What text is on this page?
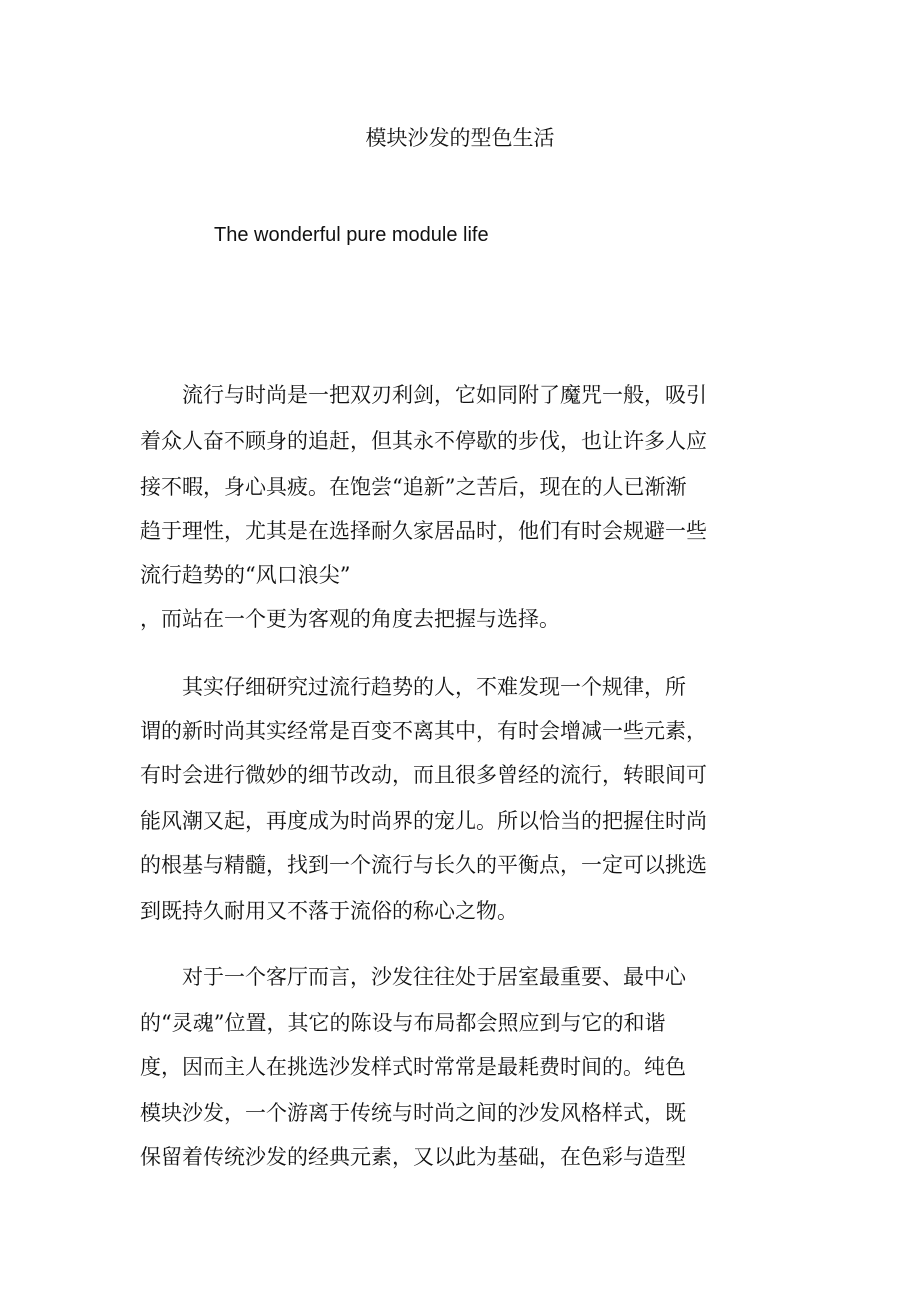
模块沙发的型色生活
The wonderful pure module life
　　流行与时尚是一把双刃利剑，它如同附了魔咒一般，吸引
着众人奋不顾身的追赶，但其永不停歇的步伐，也让许多人应
接不暇，身心具疲。在饱尝“追新”之苦后，现在的人已渐渐
趋于理性，尤其是在选择耐久家居品时，他们有时会规避一些
流行趋势的“风口浪尖”
，而站在一个更为客观的角度去把握与选择。
　　其实仔细研究过流行趋势的人，不难发现一个规律，所
谓的新时尚其实经常是百变不离其中，有时会增减一些元素，
有时会进行微妙的细节改动，而且很多曾经的流行，转眼间可
能风潮又起，再度成为时尚界的宠儿。所以恰当的把握住时尚
的根基与精髓，找到一个流行与长久的平衡点，一定可以挑选
到既持久耐用又不落于流俗的称心之物。
　　对于一个客厅而言，沙发往往处于居室最重要、最中心
的“灵魂”位置，其它的陈设与布局都会照应到与它的和谐
度，因而主人在挑选沙发样式时常常是最耗费时间的。纯色
模块沙发，一个游离于传统与时尚之间的沙发风格样式，既
保留着传统沙发的经典元素，又以此为基础，在色彩与造型
